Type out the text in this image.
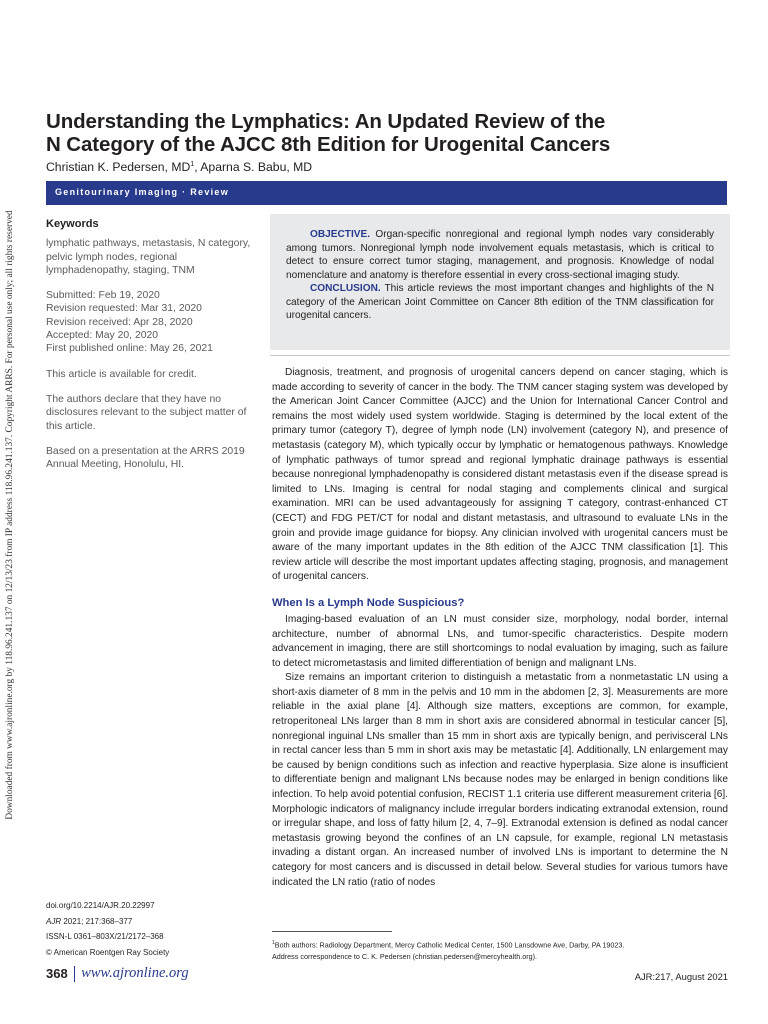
Downloaded from www.ajronline.org by 118.96.241.137 on 12/13/23 from IP address 118.96.241.137. Copyright ARRS. For personal use only; all rights reserved
Understanding the Lymphatics: An Updated Review of the
N Category of the AJCC 8th Edition for Urogenital Cancers
Christian K. Pedersen, $MD^1$, Aparna S. Babu, MD
Genitourinary Imaging · Review
Keywords

lymphatic pathways, metastasis, N category, pelvic lymph nodes, regional lymphadenopathy, staging, TNM

Submitted: Feb 19, 2020
Revision requested: Mar 31, 2020
Revision received: Apr 28, 2020
Accepted: May 20, 2020
First published online: May 26, 2021

This article is available for credit.

The authors declare that they have no disclosures relevant to the subject matter of this article.

Based on a presentation at the ARRS 2019 Annual Meeting, Honolulu, HI.

doi.org/10.2214/AJR.20.22997
AJR 2021; 217:368–377
ISSN-L 0361–803X/21/2172–368
© American Roentgen Ray Society

OBJECTIVE. Organ-specific nonregional and regional lymph nodes vary considerably among tumors. Nonregional lymph node involvement equals metastasis, which is critical to detect to ensure correct tumor staging, management, and prognosis. Knowledge of nodal nomenclature and anatomy is therefore essential in every cross-sectional imaging study.

CONCLUSION. This article reviews the most important changes and highlights of the N category of the American Joint Committee on Cancer 8th edition of the TNM classification for urogenital cancers.

Diagnosis, treatment, and prognosis of urogenital cancers depend on cancer staging, which is made according to severity of cancer in the body. The TNM cancer staging system was developed by the American Joint Cancer Committee (AJCC) and the Union for International Cancer Control and remains the most widely used system worldwide. Staging is determined by the local extent of the primary tumor (category T), degree of lymph node (LN) involvement (category N), and presence of metastasis (category M), which typically occur by lymphatic or hematogenous pathways. Knowledge of lymphatic pathways of tumor spread and regional lymphatic drainage pathways is essential because nonregional lymphadenopathy is considered distant metastasis even if the disease spread is limited to LNs. Imaging is central for nodal staging and complements clinical and surgical examination. MRI can be used advantageously for assigning T category, contrast-enhanced CT (CECT) and FDG PET/CT for nodal and distant metastasis, and ultrasound to evaluate LNs in the groin and provide image guidance for biopsy. Any clinician involved with urogenital cancers must be aware of the many important updates in the 8th edition of the AJCC TNM classification [1]. This review article will describe the most important updates affecting staging, prognosis, and management of urogenital cancers.

When Is a Lymph Node Suspicious?

Imaging-based evaluation of an LN must consider size, morphology, nodal border, internal architecture, number of abnormal LNs, and tumor-specific characteristics. Despite modern advancement in imaging, there are still shortcomings to nodal evaluation by imaging, such as failure to detect micrometastasis and limited differentiation of benign and malignant LNs.

Size remains an important criterion to distinguish a metastatic from a nonmetastatic LN using a short-axis diameter of 8 mm in the pelvis and 10 mm in the abdomen [2, 3]. Measurements are more reliable in the axial plane [4]. Although size matters, exceptions are common, for example, retroperitoneal LNs larger than 8 mm in short axis are considered abnormal in testicular cancer [5], nonregional inguinal LNs smaller than 15 mm in short axis are typically benign, and perivisceral LNs in rectal cancer less than 5 mm in short axis may be metastatic [4]. Additionally, LN enlargement may be caused by benign conditions such as infection and reactive hyperplasia. Size alone is insufficient to differentiate benign and malignant LNs because nodes may be enlarged in benign conditions like infection. To help avoid potential confusion, RECIST 1.1 criteria use different measurement criteria [6]. Morphologic indicators of malignancy include irregular borders indicating extranodal extension, round or irregular shape, and loss of fatty hilum [2, 4, 7–9]. Extranodal extension is defined as nodal cancer metastasis growing beyond the confines of an LN capsule, for example, regional LN metastasis invading a distant organ. An increased number of involved LNs is important to determine the N category for most cancers and is discussed in detail below. Several studies for various tumors have indicated the LN ratio (ratio of nodes

$^1$Both authors: Radiology Department, Mercy Catholic Medical Center, 1500 Lansdowne Ave, Darby, PA 19023.
Address correspondence to C. K. Pedersen (christian.pedersen@mercyhealth.org).
368 www.ajronline.org	AJR:217, August 2021
